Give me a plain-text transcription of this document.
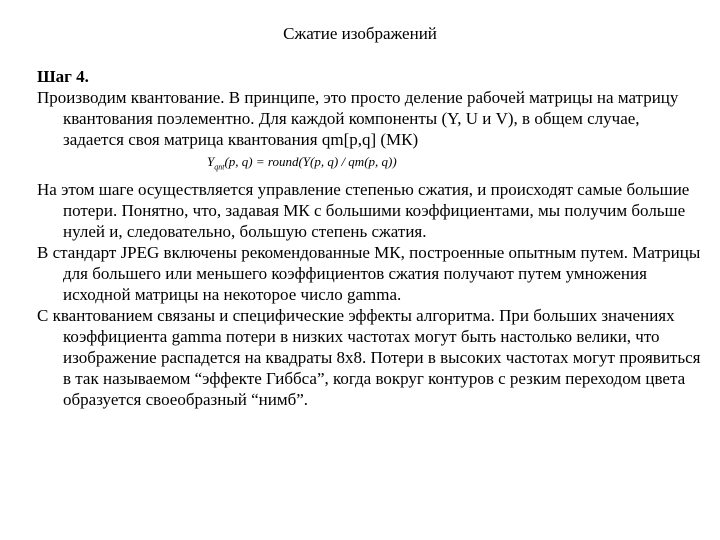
Сжатие изображений

Шаг 4.

Производим квантование. В принципе, это просто деление рабочей матрицы на матрицу квантования поэлементно. Для каждой компоненты (Y, U и V), в общем случае, задается своя матрица квантования qm[p,q] (МК)

$Y_{qnt}(p$, q) = round(Y(p, q) / qm(p, q))

На этом шаге осуществляется управление степенью сжатия, и происходят самые большие потери. Понятно, что, задавая МК с большими коэффициентами, мы получим больше нулей и, следовательно, большую степень сжатия.

В стандарт JPEG включены рекомендованные МК, построенные опытным путем. Матрицы для большего или меньшего коэффициентов сжатия получают путем умножения исходной матрицы на некоторое число gamma.

С квантованием связаны и специфические эффекты алгоритма. При больших значениях коэффициента gamma потери в низких частотах могут быть настолько велики, что изображение распадется на квадраты 8х8. Потери в высоких частотах могут проявиться в так называемом “эффекте Гиббса”, когда вокруг контуров с резким переходом цвета образуется своеобразный “нимб”.
